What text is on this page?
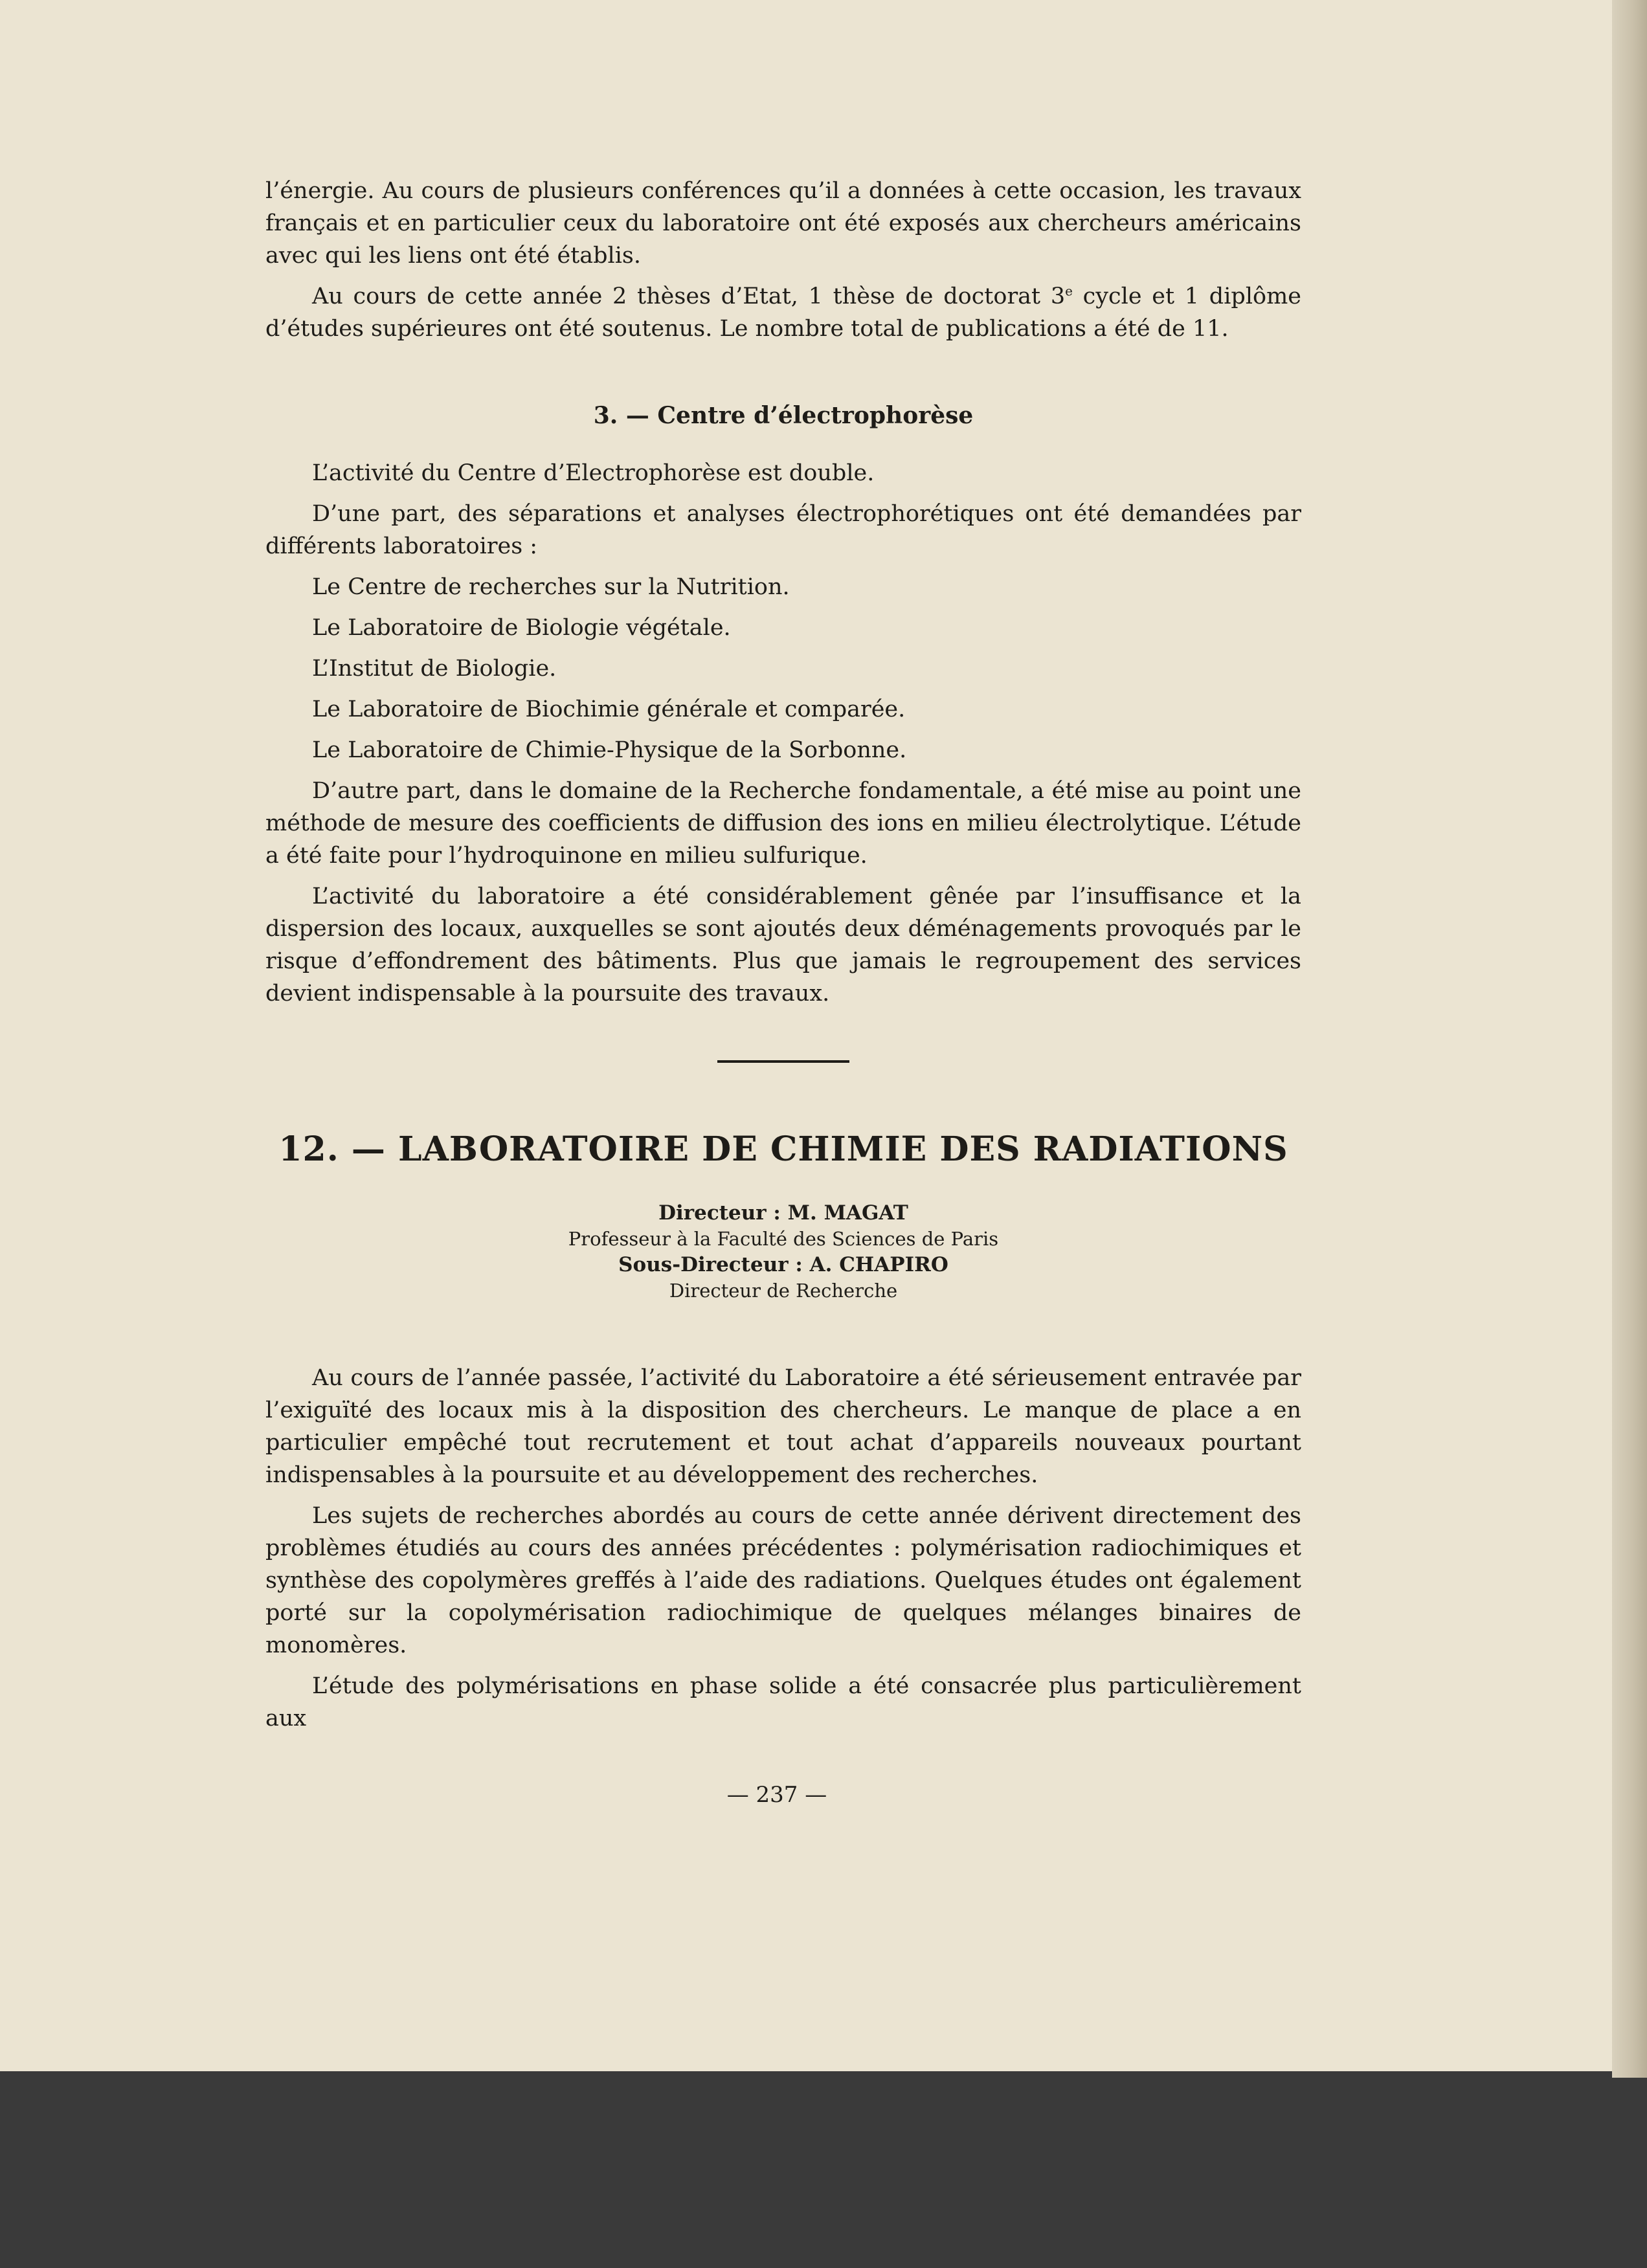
l’énergie. Au cours de plusieurs conférences qu’il a données à cette occasion, les travaux français et en particulier ceux du laboratoire ont été exposés aux chercheurs américains avec qui les liens ont été établis.

Au cours de cette année 2 thèses d’Etat, 1 thèse de doctorat 3e cycle et 1 diplôme d’études supérieures ont été soutenus. Le nombre total de publications a été de 11.

3. — Centre d’électrophorèse

L’activité du Centre d’Electrophorèse est double.

D’une part, des séparations et analyses électrophorétiques ont été demandées par différents laboratoires :

Le Centre de recherches sur la Nutrition.
Le Laboratoire de Biologie végétale.
L’Institut de Biologie.
Le Laboratoire de Biochimie générale et comparée.
Le Laboratoire de Chimie-Physique de la Sorbonne.

D’autre part, dans le domaine de la Recherche fondamentale, a été mise au point une méthode de mesure des coefficients de diffusion des ions en milieu électrolytique. L’étude a été faite pour l’hydroquinone en milieu sulfurique.

L’activité du laboratoire a été considérablement gênée par l’insuffisance et la dispersion des locaux, auxquelles se sont ajoutés deux déménagements provoqués par le risque d’effondrement des bâtiments. Plus que jamais le regroupement des services devient indispensable à la poursuite des travaux.

12. — LABORATOIRE DE CHIMIE DES RADIATIONS
Directeur : M. MAGAT
Professeur à la Faculté des Sciences de Paris
Sous-Directeur : A. CHAPIRO
Directeur de Recherche

Au cours de l’année passée, l’activité du Laboratoire a été sérieusement entravée par l’exiguïté des locaux mis à la disposition des chercheurs. Le manque de place a en particulier empêché tout recrutement et tout achat d’appareils nouveaux pourtant indispensables à la poursuite et au développement des recherches.

Les sujets de recherches abordés au cours de cette année dérivent directement des problèmes étudiés au cours des années précédentes : polymérisation radiochimiques et synthèse des copolymères greffés à l’aide des radiations. Quelques études ont également porté sur la copolymérisation radiochimique de quelques mélanges binaires de monomères.

L’étude des polymérisations en phase solide a été consacrée plus particulièrement aux

— 237 —
